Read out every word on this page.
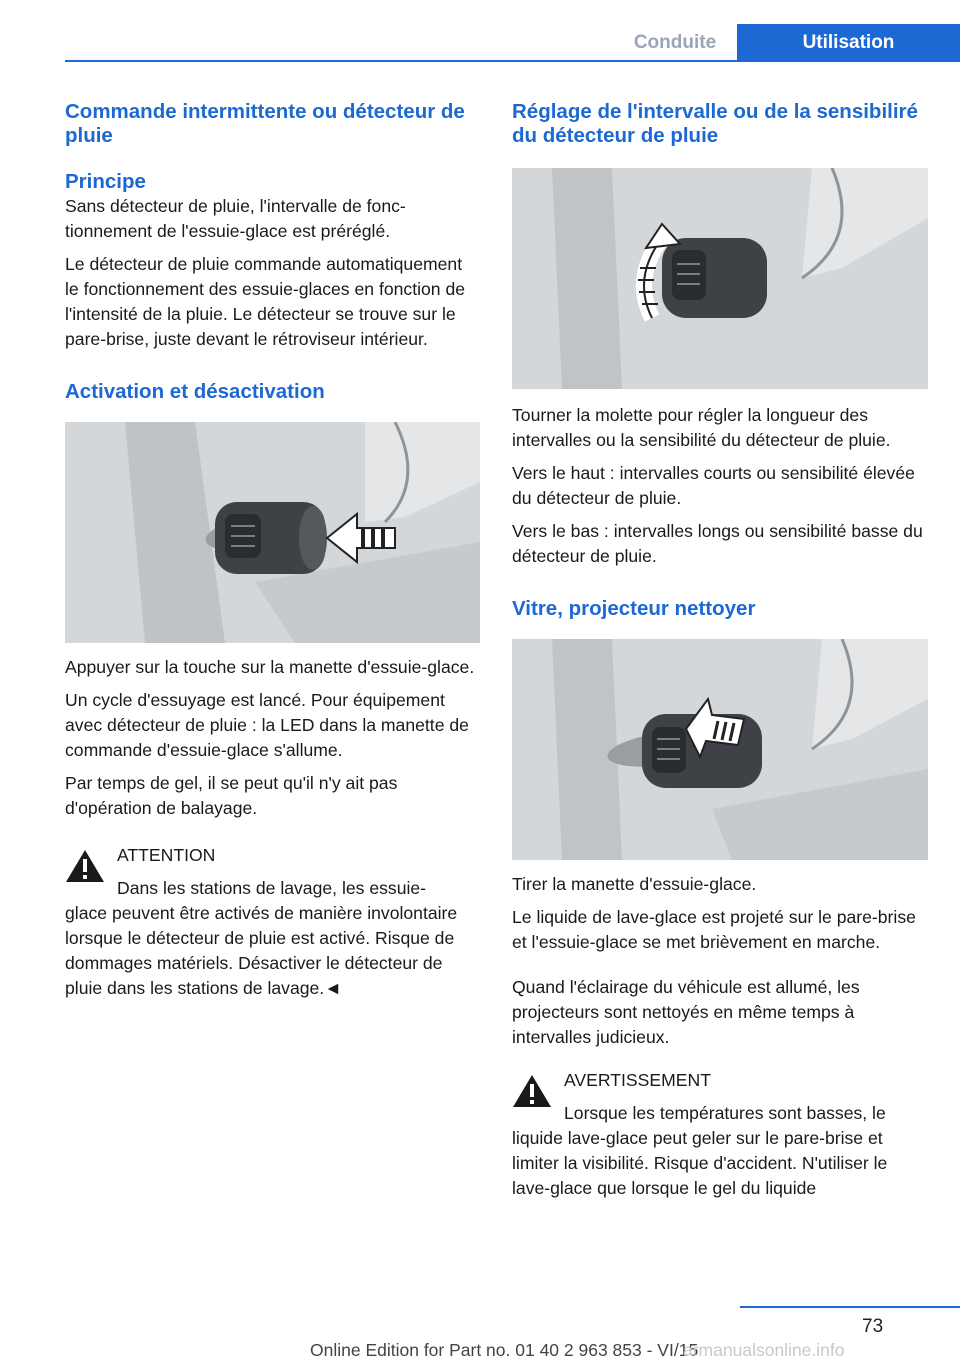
Conduite	Utilisation
Commande intermittente ou détecteur de pluie
Principe

Sans détecteur de pluie, l'intervalle de fonctionnement de l'essuie-glace est préréglé.

Le détecteur de pluie commande automatiquement le fonctionnement des essuie-glaces en fonction de l'intensité de la pluie. Le détecteur se trouve sur le pare-brise, juste devant le rétroviseur intérieur.

Activation et désactivation

Appuyer sur la touche sur la manette d'essuie-glace.

Un cycle d'essuyage est lancé. Pour équipement avec détecteur de pluie : la LED dans la manette de commande d'essuie-glace s'allume.

Par temps de gel, il se peut qu'il n'y ait pas d'opération de balayage.

ATTENTION
Dans les stations de lavage, les essuie-

glace peuvent être activés de manière involontaire lorsque le détecteur de pluie est activé. Risque de dommages matériels. Désactiver le détecteur de pluie dans les stations de lavage.◄

Réglage de l'intervalle ou de la sensibiliré du détecteur de pluie

Tourner la molette pour régler la longueur des intervalles ou la sensibilité du détecteur de pluie.

Vers le haut : intervalles courts ou sensibilité élevée du détecteur de pluie.

Vers le bas : intervalles longs ou sensibilité basse du détecteur de pluie.

Vitre, projecteur nettoyer

Tirer la manette d'essuie-glace.

Le liquide de lave-glace est projeté sur le pare-brise et l'essuie-glace se met brièvement en marche.

Quand l'éclairage du véhicule est allumé, les projecteurs sont nettoyés en même temps à intervalles judicieux.

AVERTISSEMENT
Lorsque les températures sont basses, le

liquide lave-glace peut geler sur le pare-brise et limiter la visibilité. Risque d'accident. N'utiliser le lave-glace que lorsque le gel du liquide

73
Online Edition for Part no. 01 40 2 963 853 - VI/15
armanualsonline.info
